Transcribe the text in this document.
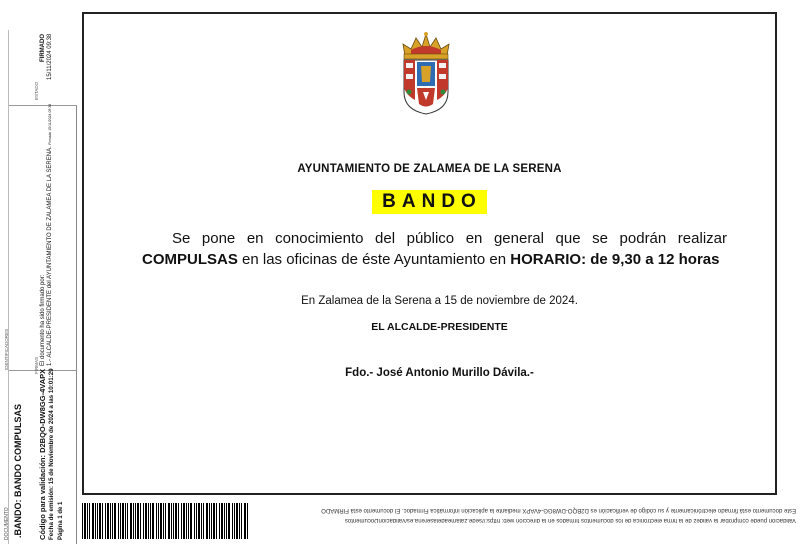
DOCUMENTO .BANDO: BANDO COMPULSAS Código para validación: D2BQO-DW8GG-4VAPX Fecha de emisión: 15 de Noviembre de 2024 a las 10:01:29 Página 1 de 1
IDENTIFICADORES	FIRMAS El documento ha sido firmado por: 1.- ALCALDE-PRESIDENTE del AYUNTAMIENTO DE ZALAMEA DE LA SERENA. Firmado 15/11/2024 09:38
ESTADO
FIRMADO 15/11/2024 09:38
AYUNTAMIENTO DE ZALAMEA DE LA SERENA
BANDO
Se pone en conocimiento del público en general que se podrán realizar COMPULSAS en las oficinas de éste Ayuntamiento en HORARIO: de 9,30 a 12 horas
En Zalamea de la Serena a 15 de noviembre de 2024.
EL ALCALDE-PRESIDENTE
Fdo.- José Antonio Murillo Dávila.-
Validación puede comprobar la validez de la firma electrónica de los documentos firmados en la dirección web: https://sede.zalameadelaserena.es/validacionDocumentos
Este documento está firmado electrónicamente y su código de verificación es D2BQO-DW8GG-4VAPX mediante la aplicación informática Firmadoc. El documento está FIRMADO
